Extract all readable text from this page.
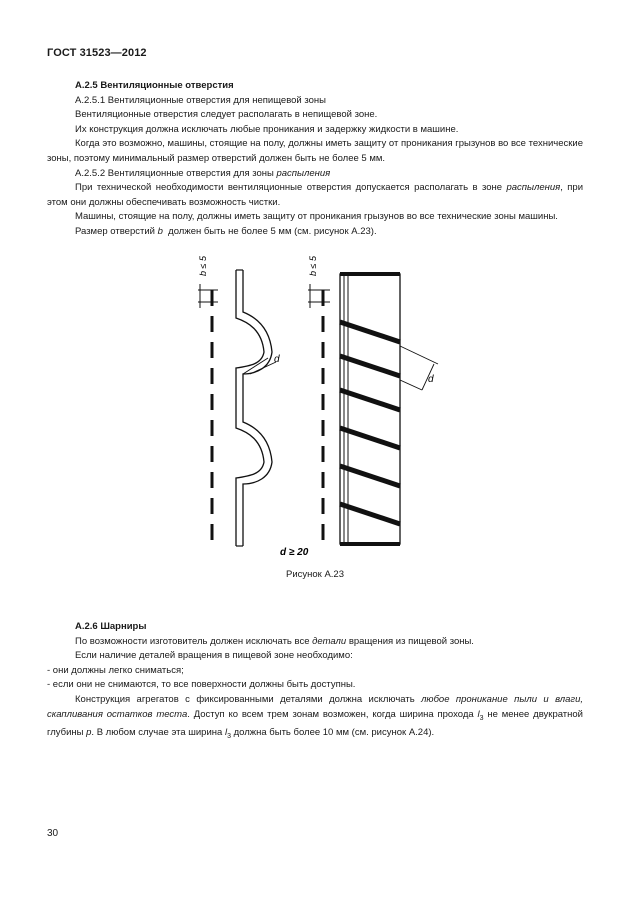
ГОСТ 31523—2012

А.2.5 Вентиляционные отверстия

А.2.5.1 Вентиляционные отверстия для непищевой зоны

Вентиляционные отверстия следует располагать в непищевой зоне.

Их конструкция должна исключать любые проникания и задержку жидкости в машине.

Когда это возможно, машины, стоящие на полу, должны иметь защиту от проникания грызунов во все технические зоны, поэтому минимальный размер отверстий должен быть не более 5 мм.

А.2.5.2 Вентиляционные отверстия для зоны распыления

При технической необходимости вентиляционные отверстия допускается располагать в зоне распыления, при этом они должны обеспечивать возможность чистки.

Машины, стоящие на полу, должны иметь защиту от проникания грызунов во все технические зоны машины.

Размер отверстий b должен быть не более 5 мм (см. рисунок А.23).

b ≤ 5	b ≤ 5
d
d
d ≥ 20
Рисунок А.23

А.2.6 Шарниры

По возможности изготовитель должен исключать все детали вращения из пищевой зоны.

Если наличие деталей вращения в пищевой зоне необходимо:

- они должны легко сниматься;

- если они не снимаются, то все поверхности должны быть доступны.

Конструкция агрегатов с фиксированными деталями должна исключать любое проникание пыли и влаги, скапливания остатков теста. Доступ ко всем трем зонам возможен, когда ширина прохода $l_3$ не менее двукратной глубины p. В любом случае эта ширина $l_3$ должна быть более 10 мм (см. рисунок А.24).

30
